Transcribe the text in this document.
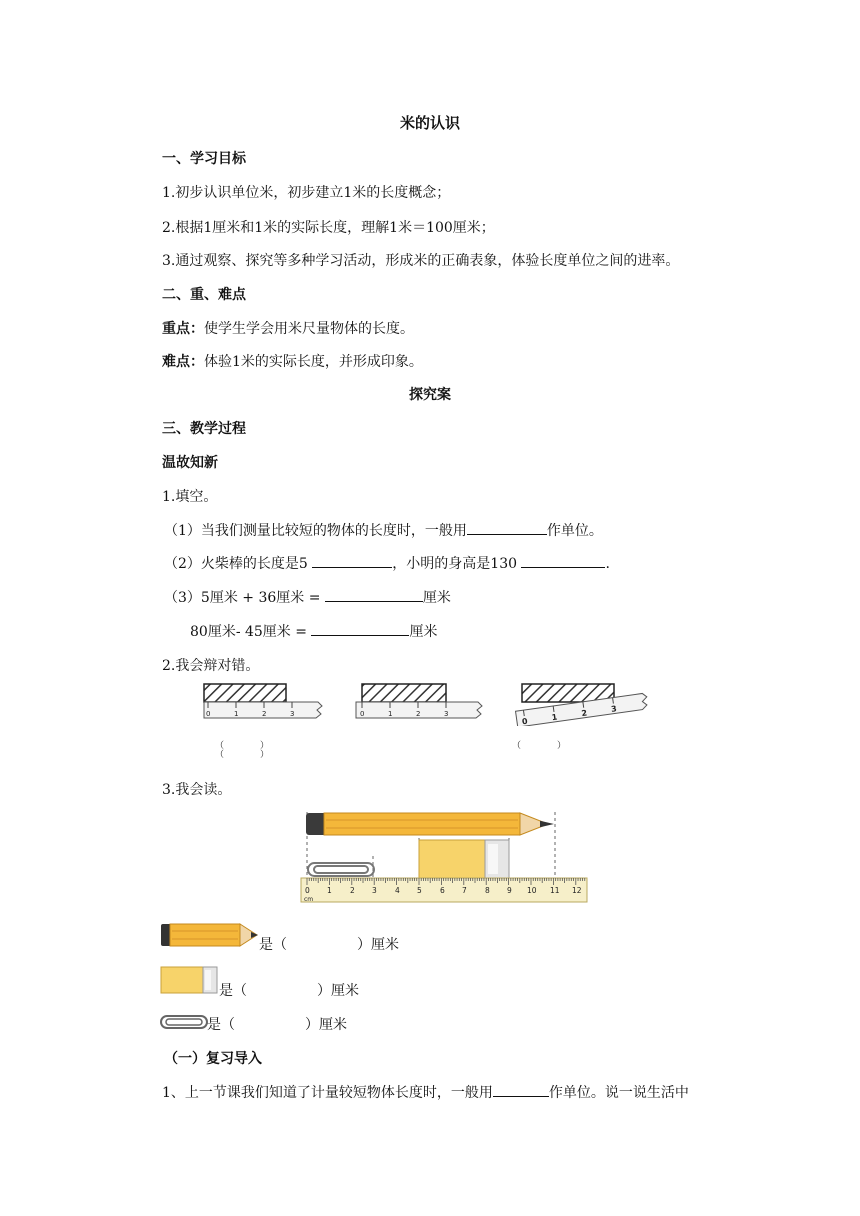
米的认识
一、学习目标
1.初步认识单位米，初步建立1米的长度概念；
2.根据1厘米和1米的实际长度，理解1米＝100厘米；
3.通过观察、探究等多种学习活动，形成米的正确表象，体验长度单位之间的进率。
二、重、难点
重点：使学生学会用米尺量物体的长度。
难点：体验1米的实际长度，并形成印象。
探究案
三、教学过程
温故知新
1.填空。
（1）当我们测量比较短的物体的长度时，一般用	作单位。
（2）火柴棒的长度是5	，小明的身高是130	.
（3）5厘米 + 36厘米 =	厘米
80厘米- 45厘米 =	厘米
2.我会辩对错。
0	1	2	3	0	1	2	3
0	1	2	3
（　　　　）
（　　　　）
（　　　　）
3.我会读。
0 1 2 3 4 5 6 7 8 9 10 11 12
cm
是（　　　　　）厘米
是（　　　　　）厘米
是（　　　　　）厘米
（一）复习导入
1、上一节课我们知道了计量较短物体长度时，一般用	作单位。说一说生活中
